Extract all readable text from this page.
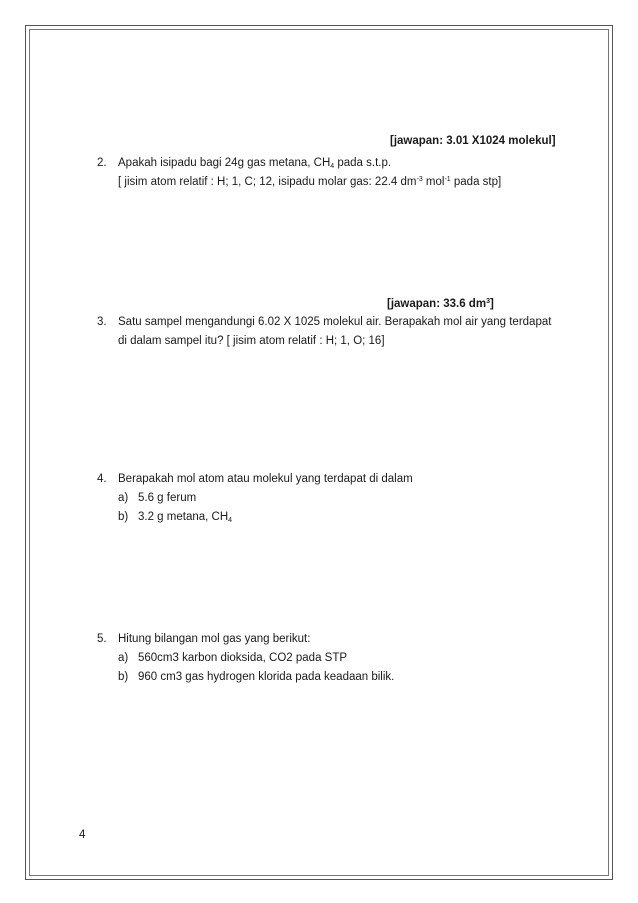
[jawapan: 3.01 X1024 molekul]
2. Apakah isipadu bagi 24g gas metana, $CH_4$ pada s.t.p.
[ jisim atom relatif : H; 1, C; 12, isipadu molar gas: 22.4 $dm^{-3}$ mol$^{-1}$ pada stp]
[jawapan: 33.6 $dm^3$]
3. Satu sampel mengandungi 6.02 X 1025 molekul air. Berapakah mol air yang terdapat
di dalam sampel itu? [ jisim atom relatif : H; 1, O; 16]
4. Berapakah mol atom atau molekul yang terdapat di dalam
a) 5.6 g ferum
b) 3.2 g metana, $CH_4$
5. Hitung bilangan mol gas yang berikut:
a) 560cm3 karbon dioksida, CO2 pada STP
b) 960 cm3 gas hydrogen klorida pada keadaan bilik.
4
